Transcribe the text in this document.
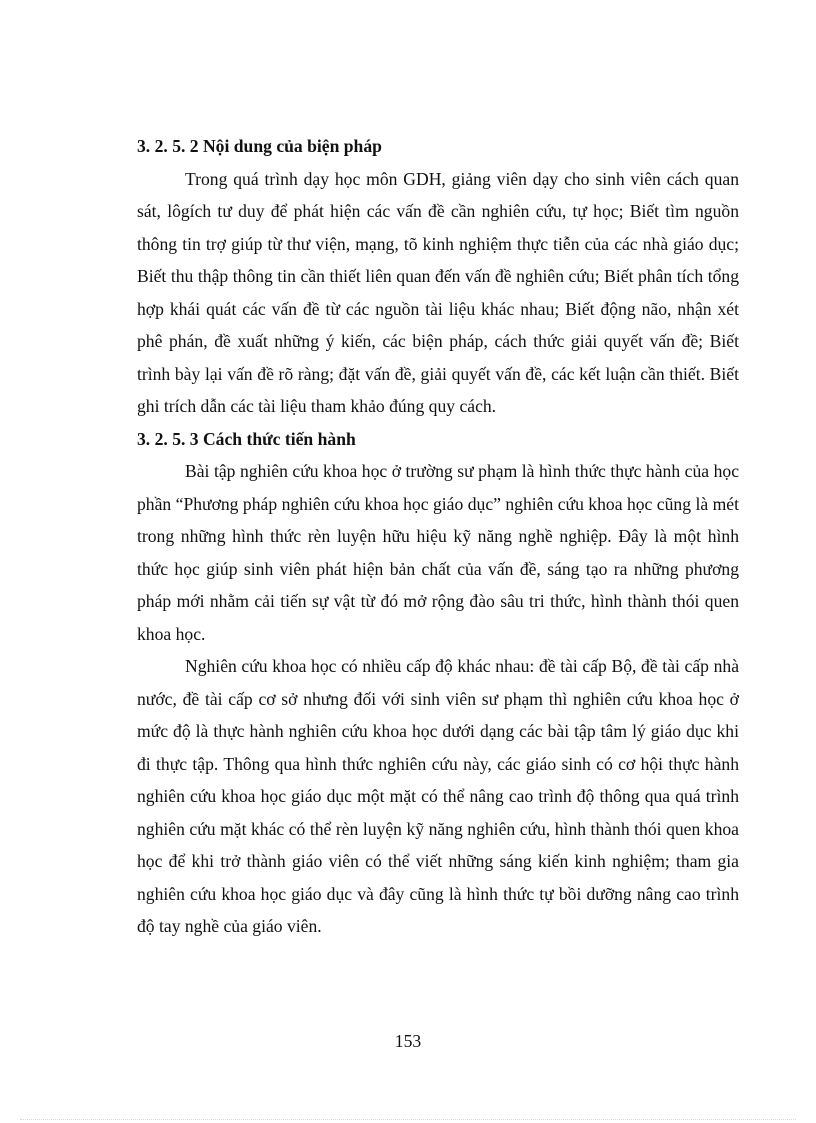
3. 2. 5. 2 Nội dung của biện pháp

Trong quá trình dạy học môn GDH, giảng viên dạy cho sinh viên cách quan sát, lôgích tư duy để phát hiện các vấn đề cần nghiên cứu, tự học; Biết tìm nguồn thông tin trợ giúp từ thư viện, mạng, tõ kinh nghiệm thực tiễn của các nhà giáo dục; Biết thu thập thông tin cần thiết liên quan đến vấn đề nghiên cứu; Biết phân tích tổng hợp khái quát các vấn đề từ các nguồn tài liệu khác nhau; Biết động não, nhận xét phê phán, đề xuất những ý kiến, các biện pháp, cách thức giải quyết vấn đề; Biết trình bày lại vấn đề rõ ràng; đặt vấn đề, giải quyết vấn đề, các kết luận cần thiết. Biết ghi trích dẫn các tài liệu tham khảo đúng quy cách.

3. 2. 5. 3 Cách thức tiến hành

Bài tập nghiên cứu khoa học ở trường sư phạm là hình thức thực hành của học phần “Phương pháp nghiên cứu khoa học giáo dục” nghiên cứu khoa học cũng là mét trong những hình thức rèn luyện hữu hiệu kỹ năng nghề nghiệp. Đây là một hình thức học giúp sinh viên phát hiện bản chất của vấn đề, sáng tạo ra những phương pháp mới nhằm cải tiến sự vật từ đó mở rộng đào sâu tri thức, hình thành thói quen khoa học.

Nghiên cứu khoa học có nhiều cấp độ khác nhau: đề tài cấp Bộ, đề tài cấp nhà nước, đề tài cấp cơ sở nhưng đối với sinh viên sư phạm thì nghiên cứu khoa học ở mức độ là thực hành nghiên cứu khoa học dưới dạng các bài tập tâm lý giáo dục khi đi thực tập. Thông qua hình thức nghiên cứu này, các giáo sinh có cơ hội thực hành nghiên cứu khoa học giáo dục một mặt có thể nâng cao trình độ thông qua quá trình nghiên cứu mặt khác có thể rèn luyện kỹ năng nghiên cứu, hình thành thói quen khoa học để khi trở thành giáo viên có thể viết những sáng kiến kinh nghiệm; tham gia nghiên cứu khoa học giáo dục và đây cũng là hình thức tự bồi dưỡng nâng cao trình độ tay nghề của giáo viên.

153
